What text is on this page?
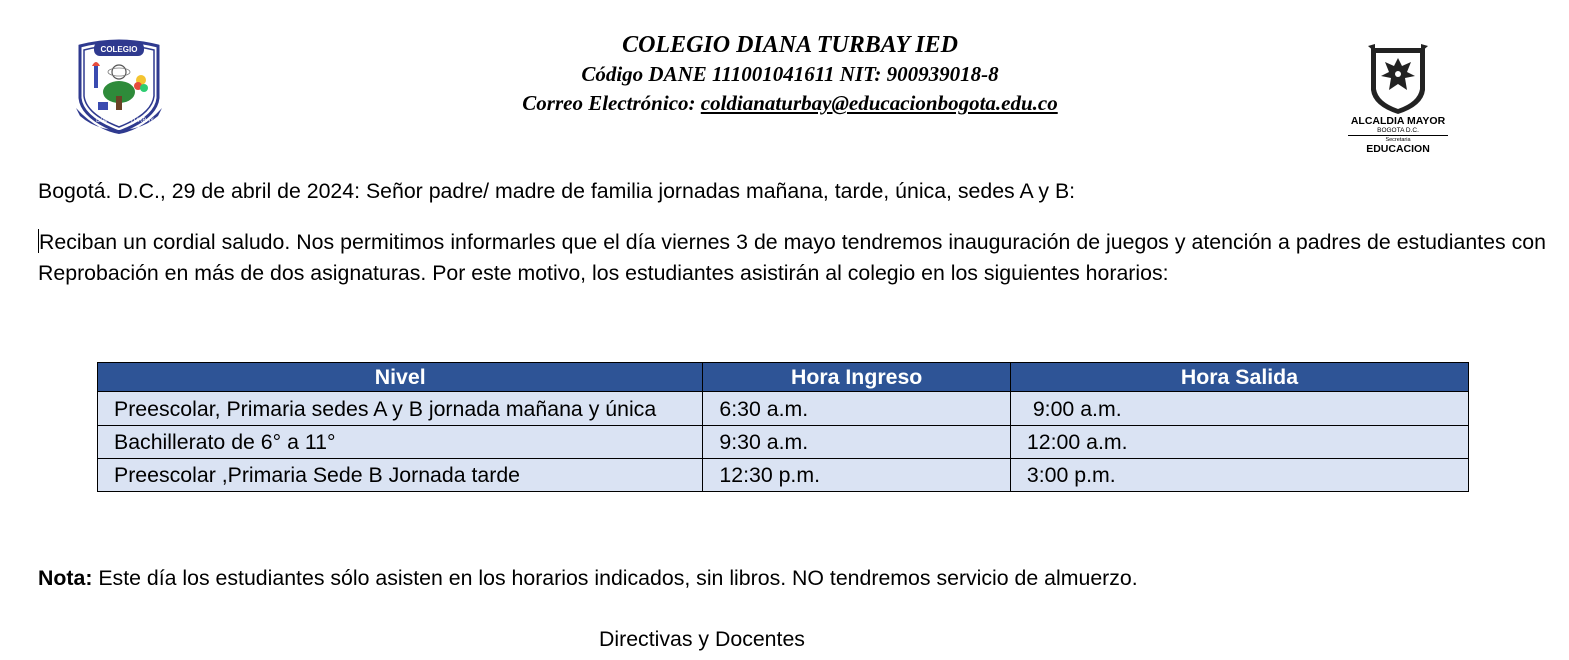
COLEGIO
DIANA	TURBAY
COLEGIO DIANA TURBAY IED
Código DANE 111001041611 NIT: 900939018-8
Correo Electrónico: coldianaturbay@educacionbogota.edu.co
ALCALDIA MAYOR
BOGOTA D.C.
Secretaria
EDUCACION
Bogotá. D.C., 29 de abril de 2024: Señor padre/ madre de familia jornadas mañana, tarde, única, sedes A y B:
Reciban un cordial saludo. Nos permitimos informarles que el día viernes 3 de mayo tendremos inauguración de juegos y atención a padres de estudiantes con Reprobación en más de dos asignaturas. Por este motivo, los estudiantes asistirán al colegio en los siguientes horarios:
Nivel	Hora Ingreso	Hora Salida
Preescolar, Primaria sedes A y B jornada mañana y única	6:30 a.m.	9:00 a.m.
Bachillerato de 6° a 11°	9:30 a.m.	12:00 a.m.
Preescolar ,Primaria Sede B Jornada tarde	12:30 p.m.	3:00 p.m.
Nota: Este día los estudiantes sólo asisten en los horarios indicados, sin libros. NO tendremos servicio de almuerzo.
Directivas y Docentes
